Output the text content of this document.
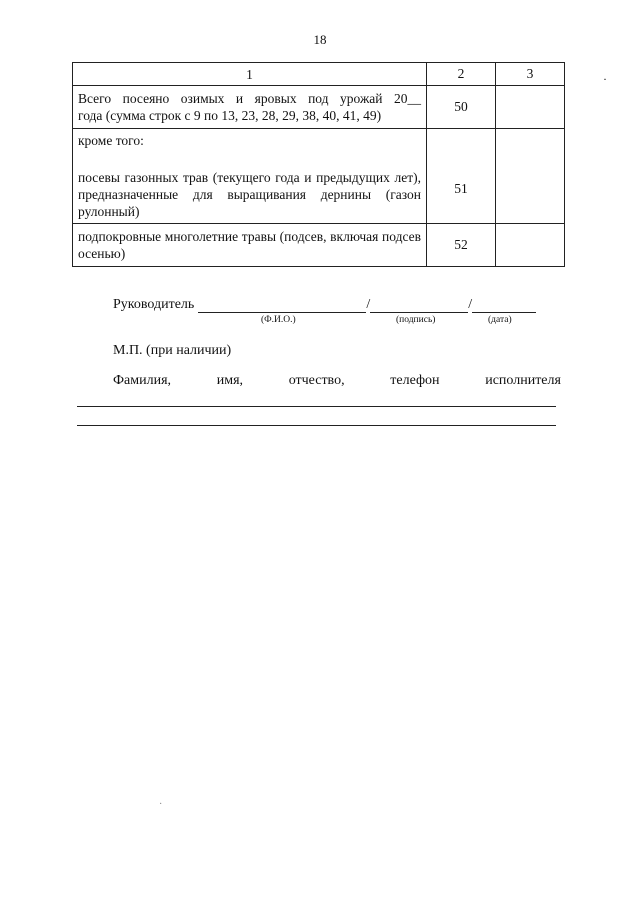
18
·
1	2	3

Всего посеяно озимых и яровых под урожай 20__

года (сумма строк с 9 по 13, 23, 28, 29, 38, 40, 41, 49)	50	

кроме того:

посевы газонных трав (текущего года и предыдущих лет), предназначенные для выращивания дернины (газон рулонный)	51	

подпокровные многолетние травы (подсев, включая подсев осенью)	52	
Руководитель	/	/
(Ф.И.О.)	(подпись)	(дата)
М.П. (при наличии)
Фамилия,	имя,	отчество,	телефон	исполнителя
·
